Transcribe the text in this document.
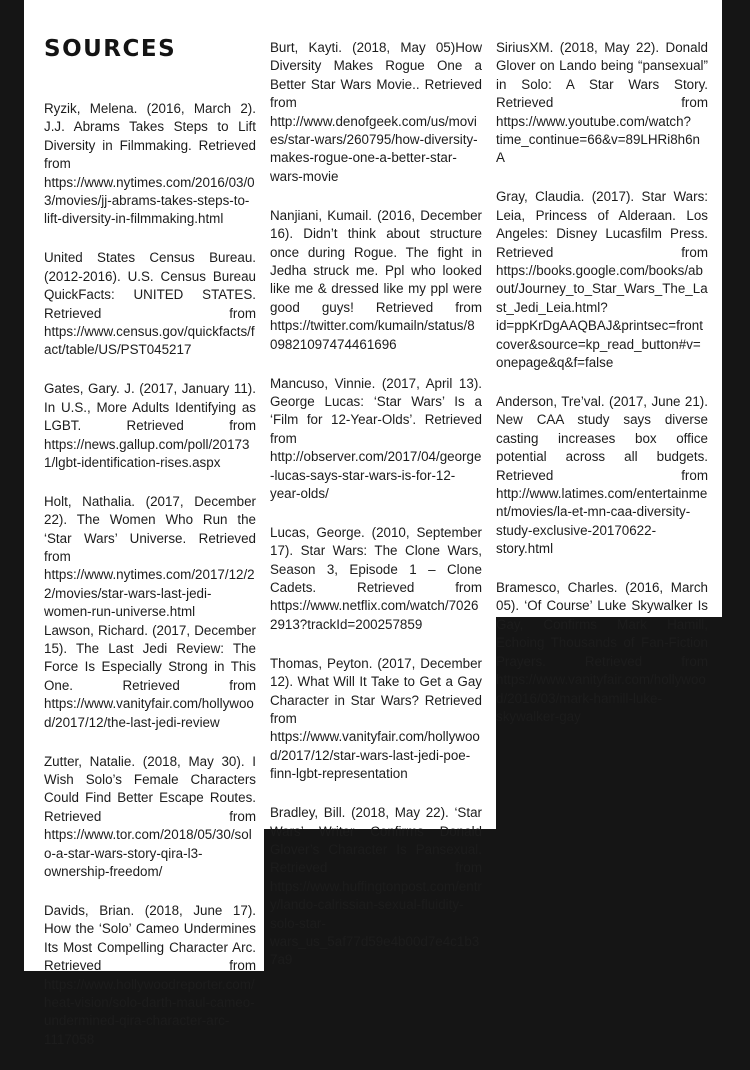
SOURCES

Ryzik, Melena. (2016, March 2). J.J. Abrams Takes Steps to Lift Diversity in Filmmaking. Retrieved from https://www.nytimes.com/2016/03/03/movies/jj-abrams-takes-steps-to-lift-diversity-in-filmmaking.html

United States Census Bureau. (2012-2016). U.S. Census Bureau QuickFacts: UNITED STATES. Retrieved from https://www.census.gov/quickfacts/fact/table/US/PST045217

Gates, Gary. J. (2017, January 11). In U.S., More Adults Identifying as LGBT. Retrieved from https://news.gallup.com/poll/201731/lgbt-identification-rises.aspx

Holt, Nathalia. (2017, December 22). The Women Who Run the ‘Star Wars’ Universe. Retrieved from https://www.nytimes.com/2017/12/22/movies/star-wars-last-jedi-women-run-universe.html

Lawson, Richard. (2017, December 15). The Last Jedi Review: The Force Is Especially Strong in This One. Retrieved from https://www.vanityfair.com/hollywood/2017/12/the-last-jedi-review

Zutter, Natalie. (2018, May 30). I Wish Solo’s Female Characters Could Find Better Escape Routes. Retrieved from https://www.tor.com/2018/05/30/solo-a-star-wars-story-qira-l3-ownership-freedom/

Davids, Brian. (2018, June 17). How the ‘Solo’ Cameo Undermines Its Most Compelling Character Arc. Retrieved from https://www.hollywoodreporter.com/heat-vision/solo-darth-maul-cameo-undermined-qira-character-arc-1117058

Burt, Kayti. (2018, May 05)How Diversity Makes Rogue One a Better Star Wars Movie.. Retrieved from http://www.denofgeek.com/us/movies/star-wars/260795/how-diversity-makes-rogue-one-a-better-star-wars-movie

Nanjiani, Kumail. (2016, December 16). Didn’t think about structure once during Rogue. The fight in Jedha struck me. Ppl who looked like me & dressed like my ppl were good guys! Retrieved from https://twitter.com/kumailn/status/809821097474461696

Mancuso, Vinnie. (2017, April 13). George Lucas: ‘Star Wars’ Is a ‘Film for 12-Year-Olds’. Retrieved from http://observer.com/2017/04/george-lucas-says-star-wars-is-for-12-year-olds/

Lucas, George. (2010, September 17). Star Wars: The Clone Wars, Season 3, Episode 1 – Clone Cadets. Retrieved from https://www.netflix.com/watch/70262913?trackId=200257859

Thomas, Peyton. (2017, December 12). What Will It Take to Get a Gay Character in Star Wars? Retrieved from https://www.vanityfair.com/hollywood/2017/12/star-wars-last-jedi-poe-finn-lgbt-representation

Bradley, Bill. (2018, May 22). ‘Star Wars’ Writer Confirms Donald Glover’s Character Is Pansexual. Retrieved from https://www.huffingtonpost.com/entry/lando-calrissian-sexual-fluidity-solo-star-wars_us_5af77d59e4b00d7e4c1b37a9

SiriusXM. (2018, May 22). Donald Glover on Lando being “pansexual” in Solo: A Star Wars Story. Retrieved from https://www.youtube.com/watch?time_continue=66&v=89LHRi8h6nA

Gray, Claudia. (2017). Star Wars: Leia, Princess of Alderaan. Los Angeles: Disney Lucasfilm Press. Retrieved from https://books.google.com/books/about/Journey_to_Star_Wars_The_Last_Jedi_Leia.html?id=ppKrDgAAQBAJ&printsec=frontcover&source=kp_read_button#v=onepage&q&f=false

Anderson, Tre’val. (2017, June 21). New CAA study says diverse casting increases box office potential across all budgets. Retrieved from http://www.latimes.com/entertainment/movies/la-et-mn-caa-diversity-study-exclusive-20170622-story.html

Bramesco, Charles. (2016, March 05). ‘Of Course’ Luke Skywalker Is Gay, Confirms Mark Hamill, Echoing Thousands of Fan-Fiction Prayers. Retrieved from https://www.vanityfair.com/hollywood/2016/03/mark-hamill-luke-skywalker-gay
